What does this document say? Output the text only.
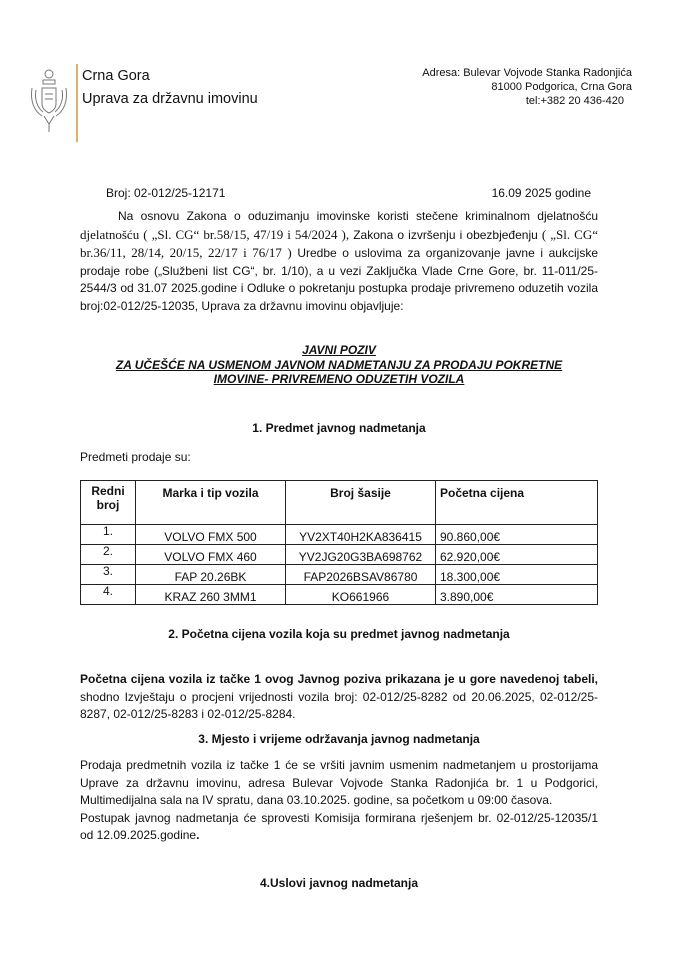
Crna Gora
Uprava za državnu imovinu
Adresa: Bulevar Vojvode Stanka Radonjića
81000 Podgorica, Crna Gora
tel:+382 20 436-420
Broj: 02-012/25-12171	16.09 2025 godine
Na osnovu Zakona o oduzimanju imovinske koristi stečene kriminalnom djelatnošću djelatnošću ( „Sl. CG“ br.58/15, 47/19 i 54/2024 ), Zakona o izvršenju i obezbjeđenju ( „Sl. CG“ br.36/11, 28/14, 20/15, 22/17 i 76/17 ) Uredbe o uslovima za organizovanje javne i aukcijske prodaje robe („Službeni list CG“, br. 1/10), a u vezi Zaključka Vlade Crne Gore, br. 11-011/25-2544/3 od 31.07 2025.godine i Odluke o pokretanju postupka prodaje privremeno oduzetih vozila broj:02-012/25-12035, Uprava za državnu imovinu objavljuje:
JAVNI POZIV
ZA UČEŠĆE NA USMENOM JAVNOM NADMETANJU ZA PRODAJU POKRETNE
IMOVINE- PRIVREMENO ODUZETIH VOZILA
1. Predmet javnog nadmetanja
Predmeti prodaje su:
Redni broj	Marka i tip vozila	Broj šasije	Početna cijena
1.	VOLVO FMX 500	YV2XT40H2KA836415	90.860,00€
2.	VOLVO FMX 460	YV2JG20G3BA698762	62.920,00€
3.	FAP 20.26BK	FAP2026BSAV86780	18.300,00€
4.	KRAZ 260 3MM1	KO661966	3.890,00€
2. Početna cijena vozila koja su predmet javnog nadmetanja
Početna cijena vozila iz tačke 1 ovog Javnog poziva prikazana je u gore navedenoj tabeli, shodno Izvještaju o procjeni vrijednosti vozila broj: 02-012/25-8282 od 20.06.2025, 02-012/25-8287, 02-012/25-8283 i 02-012/25-8284.
3. Mjesto i vrijeme održavanja javnog nadmetanja
Prodaja predmetnih vozila iz tačke 1 će se vršiti javnim usmenim nadmetanjem u prostorijama Uprave za državnu imovinu, adresa Bulevar Vojvode Stanka Radonjića br. 1 u Podgorici, Multimedijalna sala na IV spratu, dana 03.10.2025. godine, sa početkom u 09:00 časova.
Postupak javnog nadmetanja će sprovesti Komisija formirana rješenjem br. 02-012/25-12035/1 od 12.09.2025.godine.
4.Uslovi javnog nadmetanja
